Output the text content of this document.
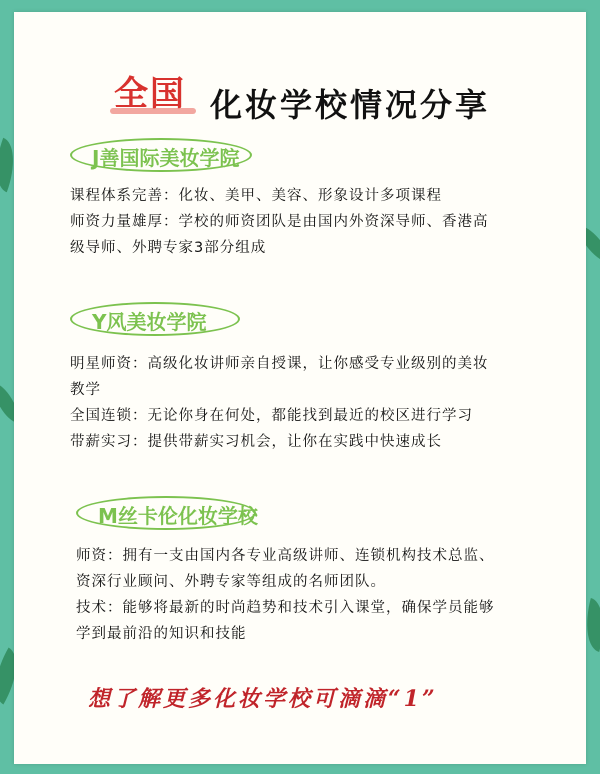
全国 化妆学校情况分享
J善国际美妆学院
课程体系完善：化妆、美甲、美容、形象设计多项课程
师资力量雄厚：学校的师资团队是由国内外资深导师、香港高
级导师、外聘专家3部分组成
Y风美妆学院
明星师资：高级化妆讲师亲自授课，让你感受专业级别的美妆
教学
全国连锁：无论你身在何处，都能找到最近的校区进行学习
带薪实习：提供带薪实习机会，让你在实践中快速成长
M丝卡伦化妆学校
师资：拥有一支由国内各专业高级讲师、连锁机构技术总监、
资深行业顾问、外聘专家等组成的名师团队。
技术：能够将最新的时尚趋势和技术引入课堂，确保学员能够
学到最前沿的知识和技能
想了解更多化妆学校可滴滴“1”
